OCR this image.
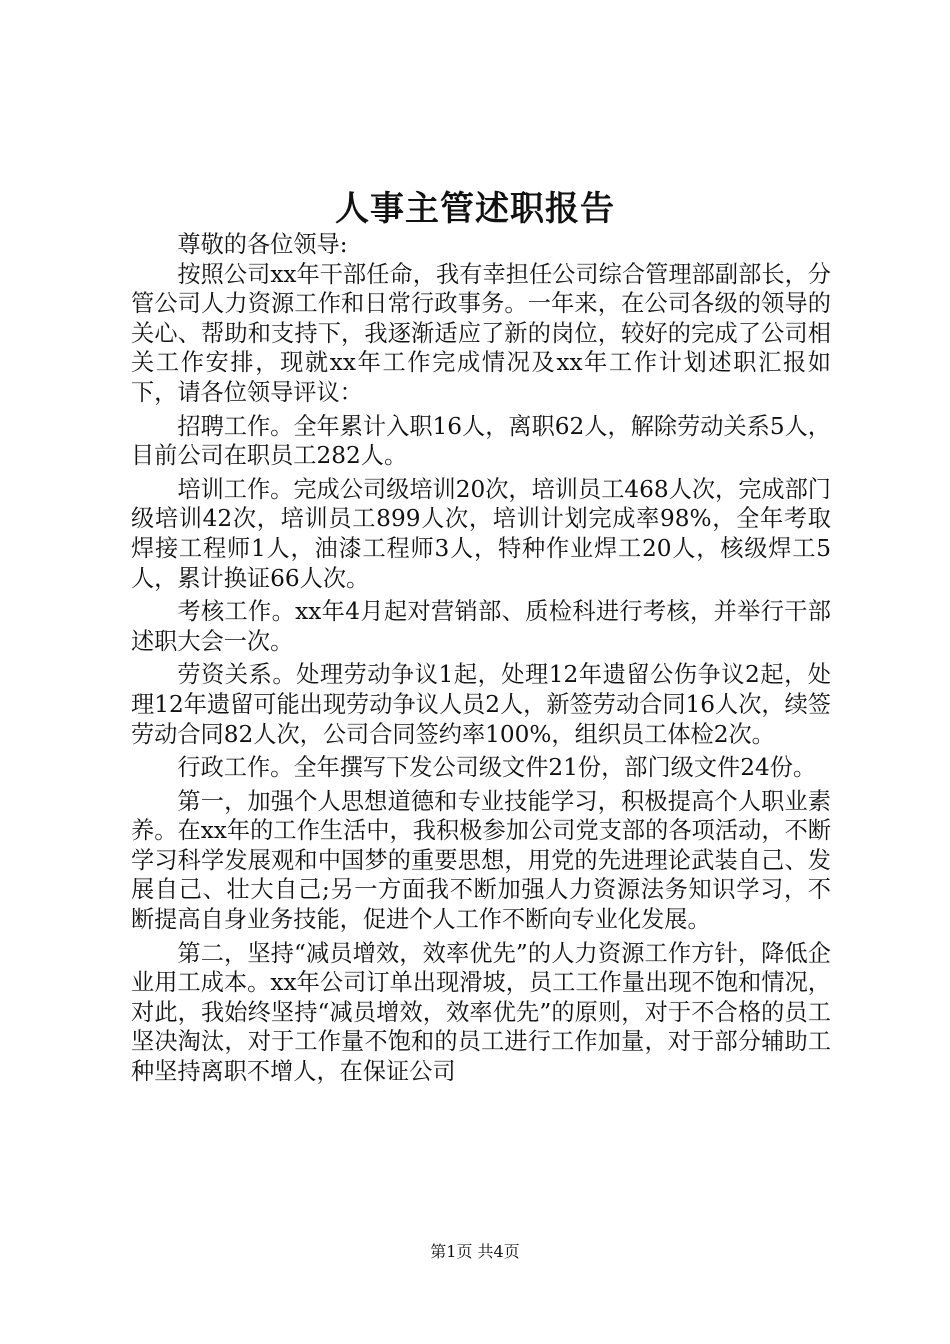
人事主管述职报告

尊敬的各位领导:

按照公司xx年干部任命，我有幸担任公司综合管理部副部长，分管公司人力资源工作和日常行政事务。一年来，在公司各级的领导的关心、帮助和支持下，我逐渐适应了新的岗位，较好的完成了公司相关工作安排，现就xx年工作完成情况及xx年工作计划述职汇报如下，请各位领导评议：

招聘工作。全年累计入职16人，离职62人，解除劳动关系5人，目前公司在职员工282人。

培训工作。完成公司级培训20次，培训员工468人次，完成部门级培训42次，培训员工899人次，培训计划完成率98%，全年考取焊接工程师1人，油漆工程师3人，特种作业焊工20人，核级焊工5人，累计换证66人次。

考核工作。xx年4月起对营销部、质检科进行考核，并举行干部述职大会一次。

劳资关系。处理劳动争议1起，处理12年遗留公伤争议2起，处理12年遗留可能出现劳动争议人员2人，新签劳动合同16人次，续签劳动合同82人次，公司合同签约率100%，组织员工体检2次。

行政工作。全年撰写下发公司级文件21份，部门级文件24份。

第一，加强个人思想道德和专业技能学习，积极提高个人职业素养。在xx年的工作生活中，我积极参加公司党支部的各项活动，不断学习科学发展观和中国梦的重要思想，用党的先进理论武装自己、发展自己、壮大自己;另一方面我不断加强人力资源法务知识学习，不断提高自身业务技能，促进个人工作不断向专业化发展。

第二，坚持“减员增效，效率优先”的人力资源工作方针，降低企业用工成本。xx年公司订单出现滑坡，员工工作量出现不饱和情况，对此，我始终坚持“减员增效，效率优先”的原则，对于不合格的员工坚决淘汰，对于工作量不饱和的员工进行工作加量，对于部分辅助工种坚持离职不增人，在保证公司

第1页 共4页
